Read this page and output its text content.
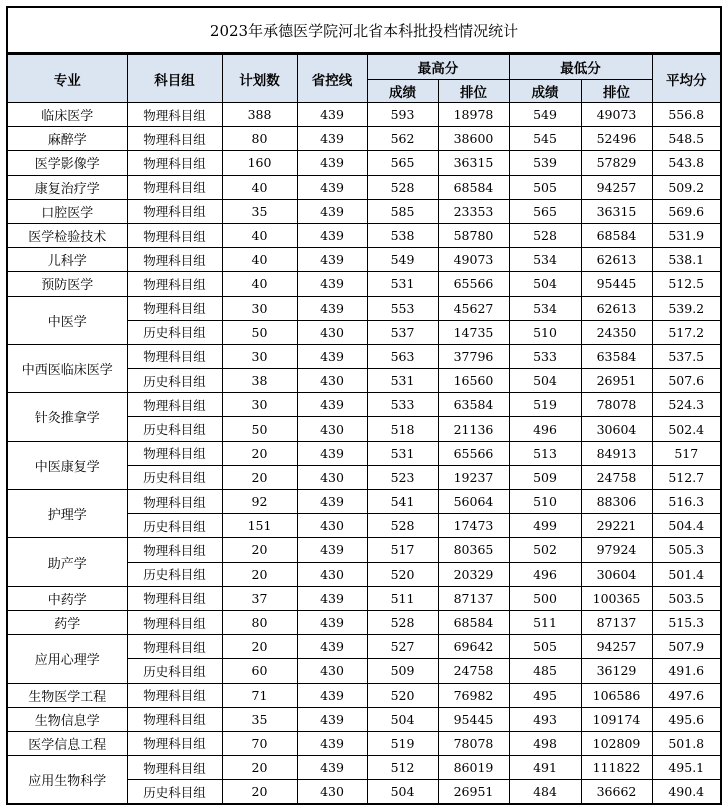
2023年承德医学院河北省本科批投档情况统计
专业	科目组	计划数	省控线	最高分		最低分		平均分
				成绩	排位	成绩	排位	
临床医学	物理科目组	388	439	593	18978	549	49073	556.8
麻醉学	物理科目组	80	439	562	38600	545	52496	548.5
医学影像学	物理科目组	160	439	565	36315	539	57829	543.8
康复治疗学	物理科目组	40	439	528	68584	505	94257	509.2
口腔医学	物理科目组	35	439	585	23353	565	36315	569.6
医学检验技术	物理科目组	40	439	538	58780	528	68584	531.9
儿科学	物理科目组	40	439	549	49073	534	62613	538.1
预防医学	物理科目组	40	439	531	65566	504	95445	512.5
中医学	物理科目组	30	439	553	45627	534	62613	539.2
	历史科目组	50	430	537	14735	510	24350	517.2
中西医临床医学	物理科目组	30	439	563	37796	533	63584	537.5
	历史科目组	38	430	531	16560	504	26951	507.6
针灸推拿学	物理科目组	30	439	533	63584	519	78078	524.3
	历史科目组	50	430	518	21136	496	30604	502.4
中医康复学	物理科目组	20	439	531	65566	513	84913	517
	历史科目组	20	430	523	19237	509	24758	512.7
护理学	物理科目组	92	439	541	56064	510	88306	516.3
	历史科目组	151	430	528	17473	499	29221	504.4
助产学	物理科目组	20	439	517	80365	502	97924	505.3
	历史科目组	20	430	520	20329	496	30604	501.4
中药学	物理科目组	37	439	511	87137	500	100365	503.5
药学	物理科目组	80	439	528	68584	511	87137	515.3
应用心理学	物理科目组	20	439	527	69642	505	94257	507.9
	历史科目组	60	430	509	24758	485	36129	491.6
生物医学工程	物理科目组	71	439	520	76982	495	106586	497.6
生物信息学	物理科目组	35	439	504	95445	493	109174	495.6
医学信息工程	物理科目组	70	439	519	78078	498	102809	501.8
应用生物科学	物理科目组	20	439	512	86019	491	111822	495.1
	历史科目组	20	430	504	26951	484	36662	490.4
